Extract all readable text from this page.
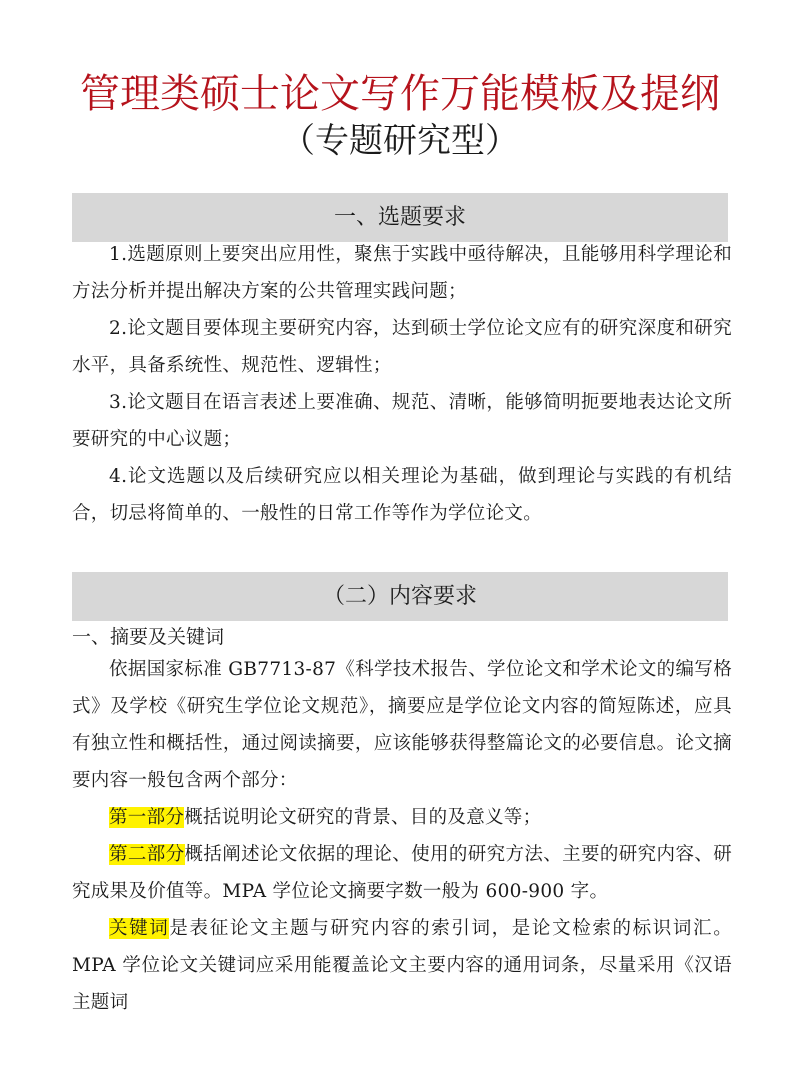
管理类硕士论文写作万能模板及提纲
（专题研究型）
一、选题要求
1.选题原则上要突出应用性，聚焦于实践中亟待解决，且能够用科学理论和方法分析并提出解决方案的公共管理实践问题；
2.论文题目要体现主要研究内容，达到硕士学位论文应有的研究深度和研究水平，具备系统性、规范性、逻辑性；
3.论文题目在语言表述上要准确、规范、清晰，能够简明扼要地表达论文所要研究的中心议题；
4.论文选题以及后续研究应以相关理论为基础，做到理论与实践的有机结合，切忌将简单的、一般性的日常工作等作为学位论文。
（二）内容要求
一、摘要及关键词
依据国家标准 GB7713-87《科学技术报告、学位论文和学术论文的编写格式》及学校《研究生学位论文规范》，摘要应是学位论文内容的简短陈述，应具有独立性和概括性，通过阅读摘要，应该能够获得整篇论文的必要信息。论文摘要内容一般包含两个部分：
第一部分概括说明论文研究的背景、目的及意义等；
第二部分概括阐述论文依据的理论、使用的研究方法、主要的研究内容、研究成果及价值等。MPA 学位论文摘要字数一般为 600-900 字。
关键词是表征论文主题与研究内容的索引词，是论文检索的标识词汇。MPA 学位论文关键词应采用能覆盖论文主要内容的通用词条，尽量采用《汉语主题词
